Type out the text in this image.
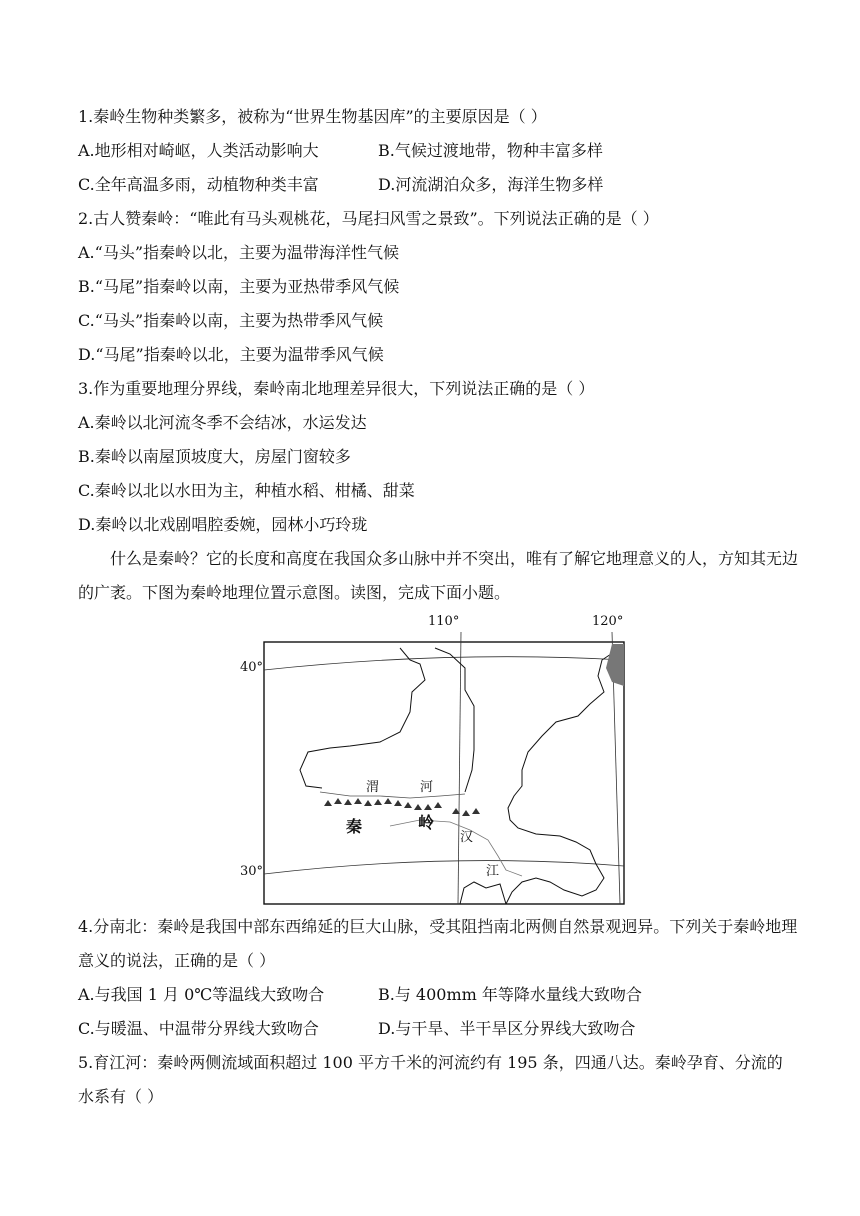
1.秦岭生物种类繁多，被称为“世界生物基因库”的主要原因是（ ）
A.地形相对崎岖，人类活动影响大	B.气候过渡地带，物种丰富多样
C.全年高温多雨，动植物种类丰富	D.河流湖泊众多，海洋生物多样
2.古人赞秦岭：“唯此有马头观桃花，马尾扫风雪之景致”。下列说法正确的是（ ）
A.“马头”指秦岭以北，主要为温带海洋性气候
B.“马尾”指秦岭以南，主要为亚热带季风气候
C.“马头”指秦岭以南，主要为热带季风气候
D.“马尾”指秦岭以北，主要为温带季风气候
3.作为重要地理分界线，秦岭南北地理差异很大，下列说法正确的是（ ）
A.秦岭以北河流冬季不会结冰，水运发达
B.秦岭以南屋顶坡度大，房屋门窗较多
C.秦岭以北以水田为主，种植水稻、柑橘、甜菜
D.秦岭以北戏剧唱腔委婉，园林小巧玲珑
什么是秦岭？它的长度和高度在我国众多山脉中并不突出，唯有了解它地理意义的人，方知其无边的广袤。下图为秦岭地理位置示意图。读图，完成下面小题。
110°	120°
40°
30°
渭	河
秦	岭
汉
江
4.分南北：秦岭是我国中部东西绵延的巨大山脉，受其阻挡南北两侧自然景观迥异。下列关于秦岭地理意义的说法，正确的是（ ）
A.与我国 1 月 0℃等温线大致吻合	B.与 400mm 年等降水量线大致吻合
C.与暖温、中温带分界线大致吻合	D.与干旱、半干旱区分界线大致吻合
5.育江河：秦岭两侧流域面积超过 100 平方千米的河流约有 195 条，四通八达。秦岭孕育、分流的水系有（ ）
